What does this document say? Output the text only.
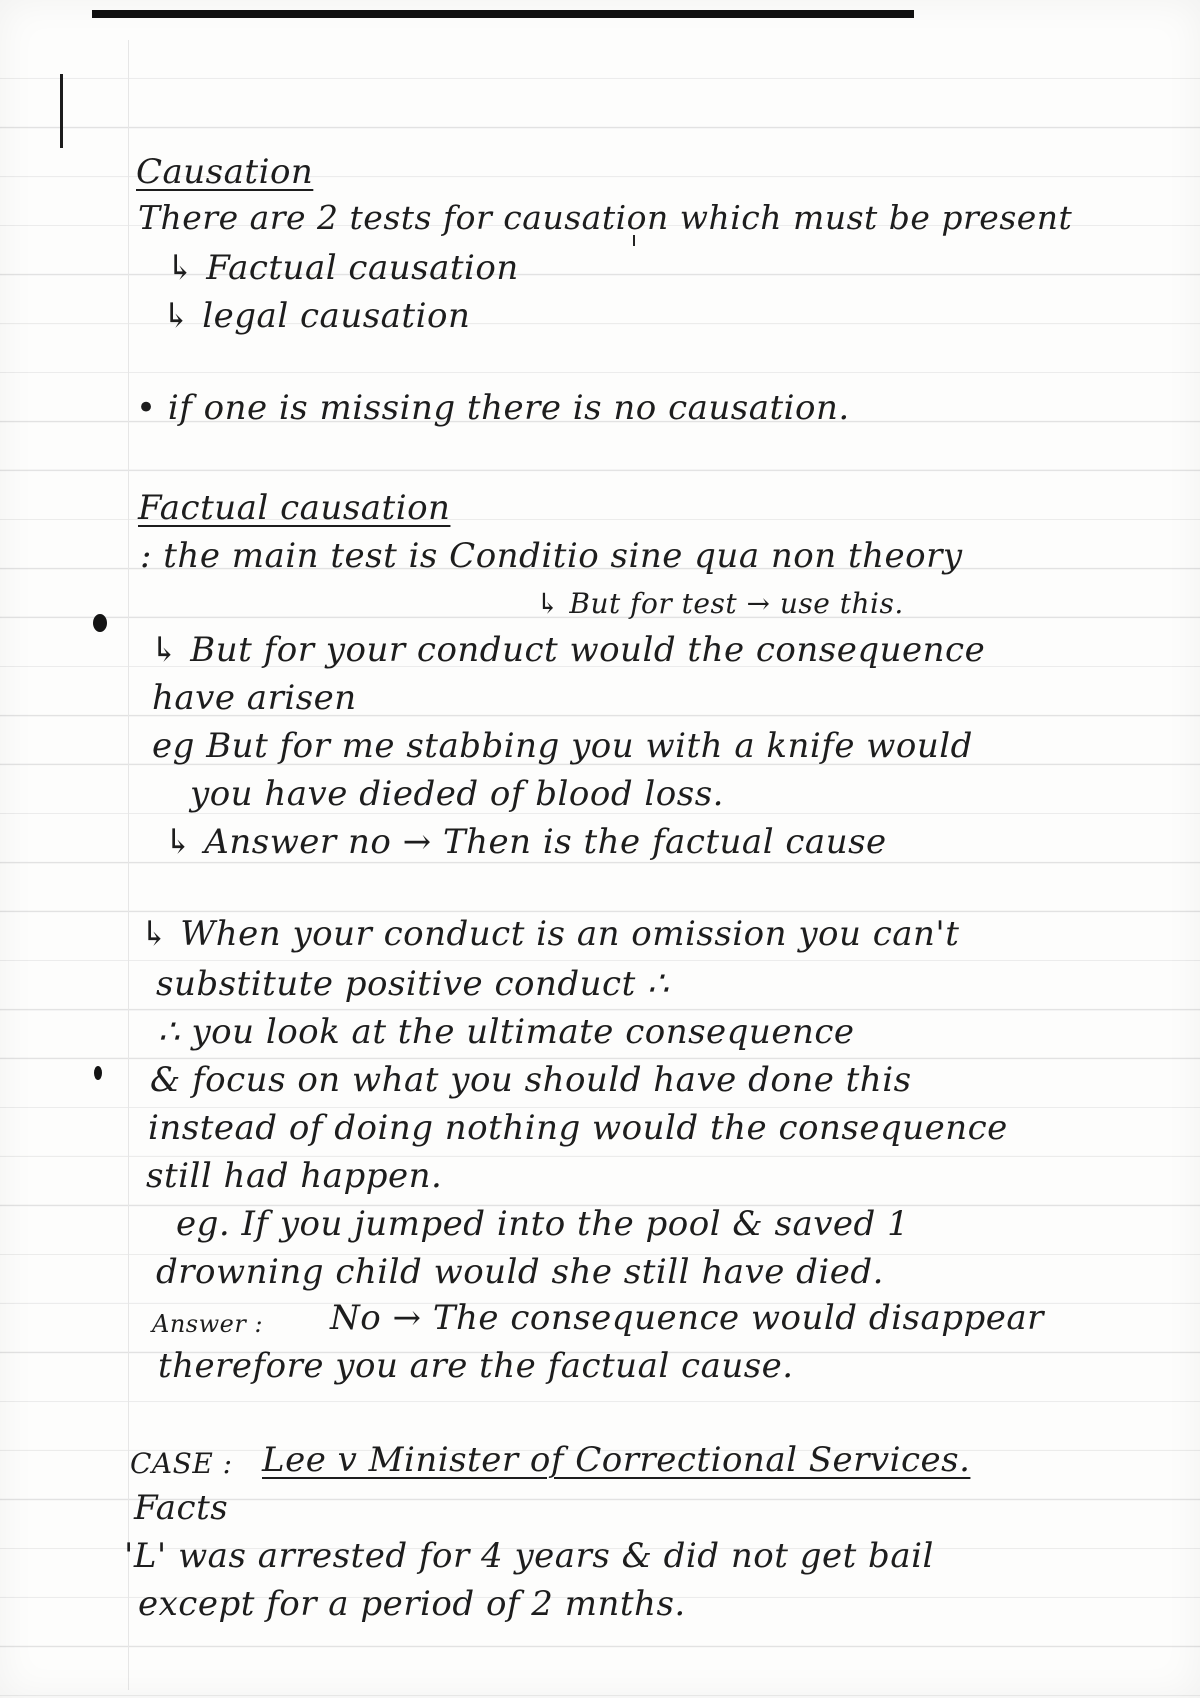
Causation
There are 2 tests for causation which must be present
↳ Factual causation
↳ legal causation
• if one is missing there is no causation.
Factual causation
: the main test is Conditio sine qua non theory
↳ But for test → use this.
↳ But for your conduct would the consequence
have arisen
eg But for me stabbing you with a knife would
you have dieded of blood loss.
↳ Answer no → Then is the factual cause
↳ When your conduct is an omission you can't
substitute positive conduct ∴
∴ you look at the ultimate consequence
& focus on what you should have done this
instead of doing nothing would the consequence
still had happen.
eg. If you jumped into the pool & saved 1
drowning child would she still have died.
Answer : No → The consequence would disappear
therefore you are the factual cause.
CASE : Lee v Minister of Correctional Services.
Facts
'L' was arrested for 4 years & did not get bail
except for a period of 2 mnths.
